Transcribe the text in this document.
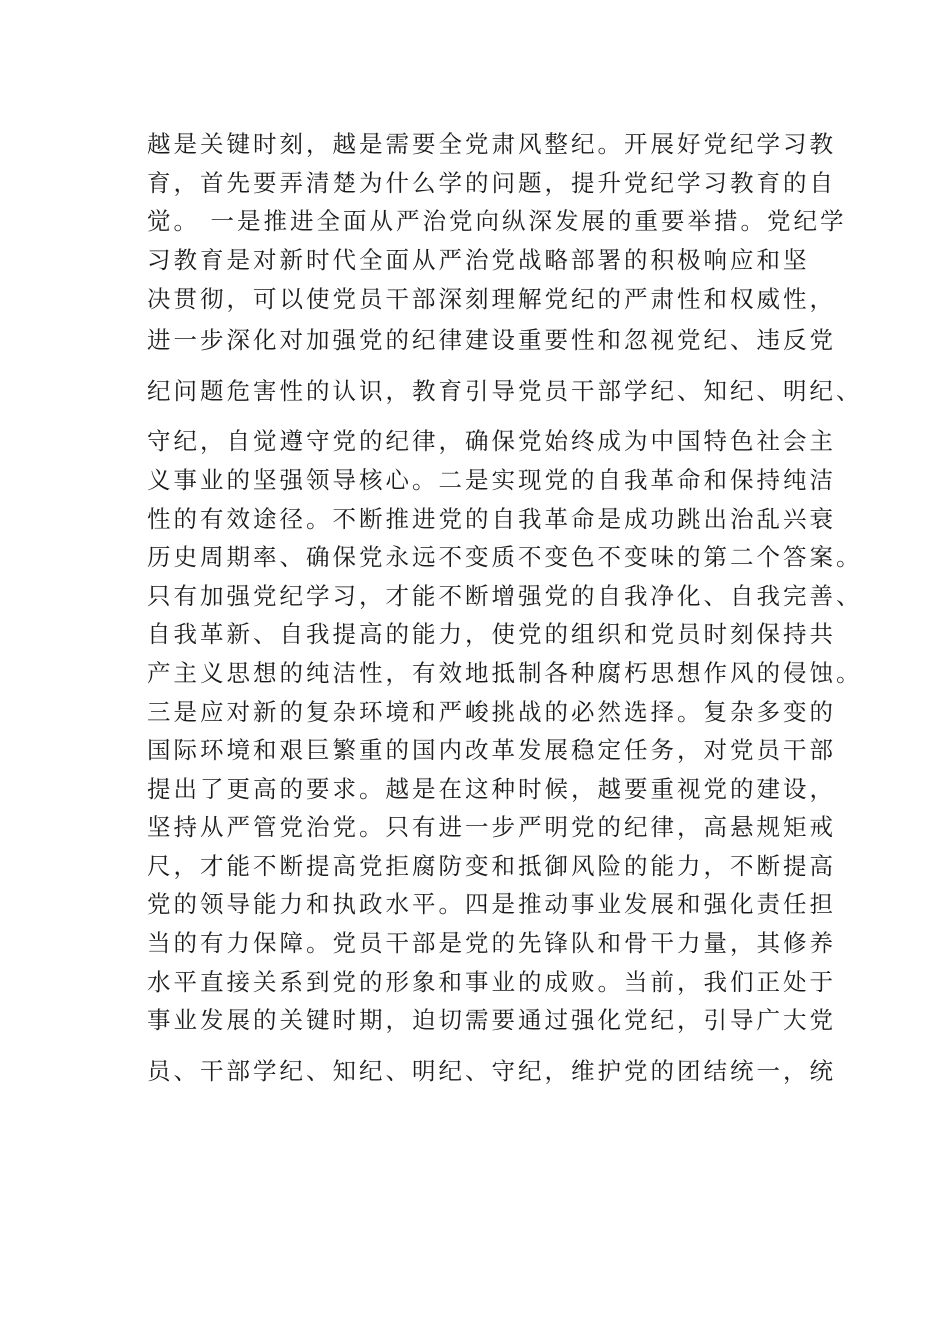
越是关键时刻，越是需要全党肃风整纪。开展好党纪学习教
育，首先要弄清楚为什么学的问题，提升党纪学习教育的自
觉。 一是推进全面从严治党向纵深发展的重要举措。党纪学
习教育是对新时代全面从严治党战略部署的积极响应和坚
决贯彻，可以使党员干部深刻理解党纪的严肃性和权威性，
进一步深化对加强党的纪律建设重要性和忽视党纪、违反党
纪问题危害性的认识，教育引导党员干部学纪、知纪、明纪、
守纪，自觉遵守党的纪律，确保党始终成为中国特色社会主
义事业的坚强领导核心。二是实现党的自我革命和保持纯洁
性的有效途径。不断推进党的自我革命是成功跳出治乱兴衰
历史周期率、确保党永远不变质不变色不变味的第二个答案。
只有加强党纪学习，才能不断增强党的自我净化、自我完善、
自我革新、自我提高的能力，使党的组织和党员时刻保持共
产主义思想的纯洁性，有效地抵制各种腐朽思想作风的侵蚀。
三是应对新的复杂环境和严峻挑战的必然选择。复杂多变的
国际环境和艰巨繁重的国内改革发展稳定任务，对党员干部
提出了更高的要求。越是在这种时候，越要重视党的建设，
坚持从严管党治党。只有进一步严明党的纪律，高悬规矩戒
尺，才能不断提高党拒腐防变和抵御风险的能力，不断提高
党的领导能力和执政水平。四是推动事业发展和强化责任担
当的有力保障。党员干部是党的先锋队和骨干力量，其修养
水平直接关系到党的形象和事业的成败。当前，我们正处于
事业发展的关键时期，迫切需要通过强化党纪，引导广大党
员、干部学纪、知纪、明纪、守纪，维护党的团结统一，统
